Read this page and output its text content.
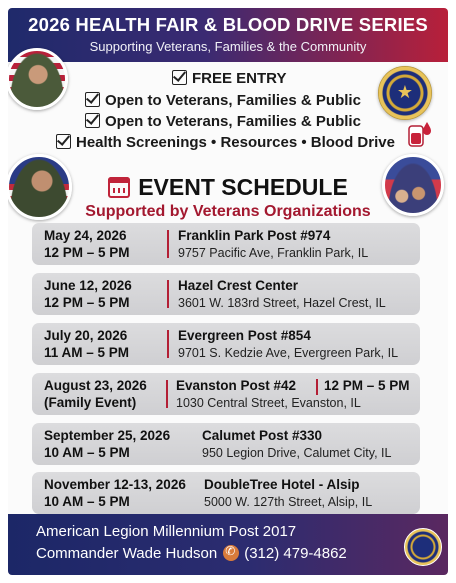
2026 HEALTH FAIR & BLOOD DRIVE SERIES
Supporting Veterans, Families & the Community
★
FREE ENTRY
Open to Veterans, Families & Public
Open to Veterans, Families & Public
Health Screenings • Resources • Blood Drive
EVENT SCHEDULE
Supported by Veterans Organizations
May 24, 2026
12 PM – 5 PM
Franklin Park Post #974
9757 Pacific Ave, Franklin Park, IL
June 12, 2026
12 PM – 5 PM
Hazel Crest Center
3601 W. 183rd Street, Hazel Crest, IL
July 20, 2026
11 AM – 5 PM
Evergreen Post #854
9701 S. Kedzie Ave, Evergreen Park, IL
August 23, 2026
(Family Event)
Evanston Post #42 12 PM – 5 PM
1030 Central Street, Evanston, IL
September 25, 2026
10 AM – 5 PM
Calumet Post #330
950 Legion Drive, Calumet City, IL
November 12-13, 2026
10 AM – 5 PM
DoubleTree Hotel - Alsip
5000 W. 127th Street, Alsip, IL
American Legion Millennium Post 2017
Commander Wade Hudson✆ (312) 479-4862
